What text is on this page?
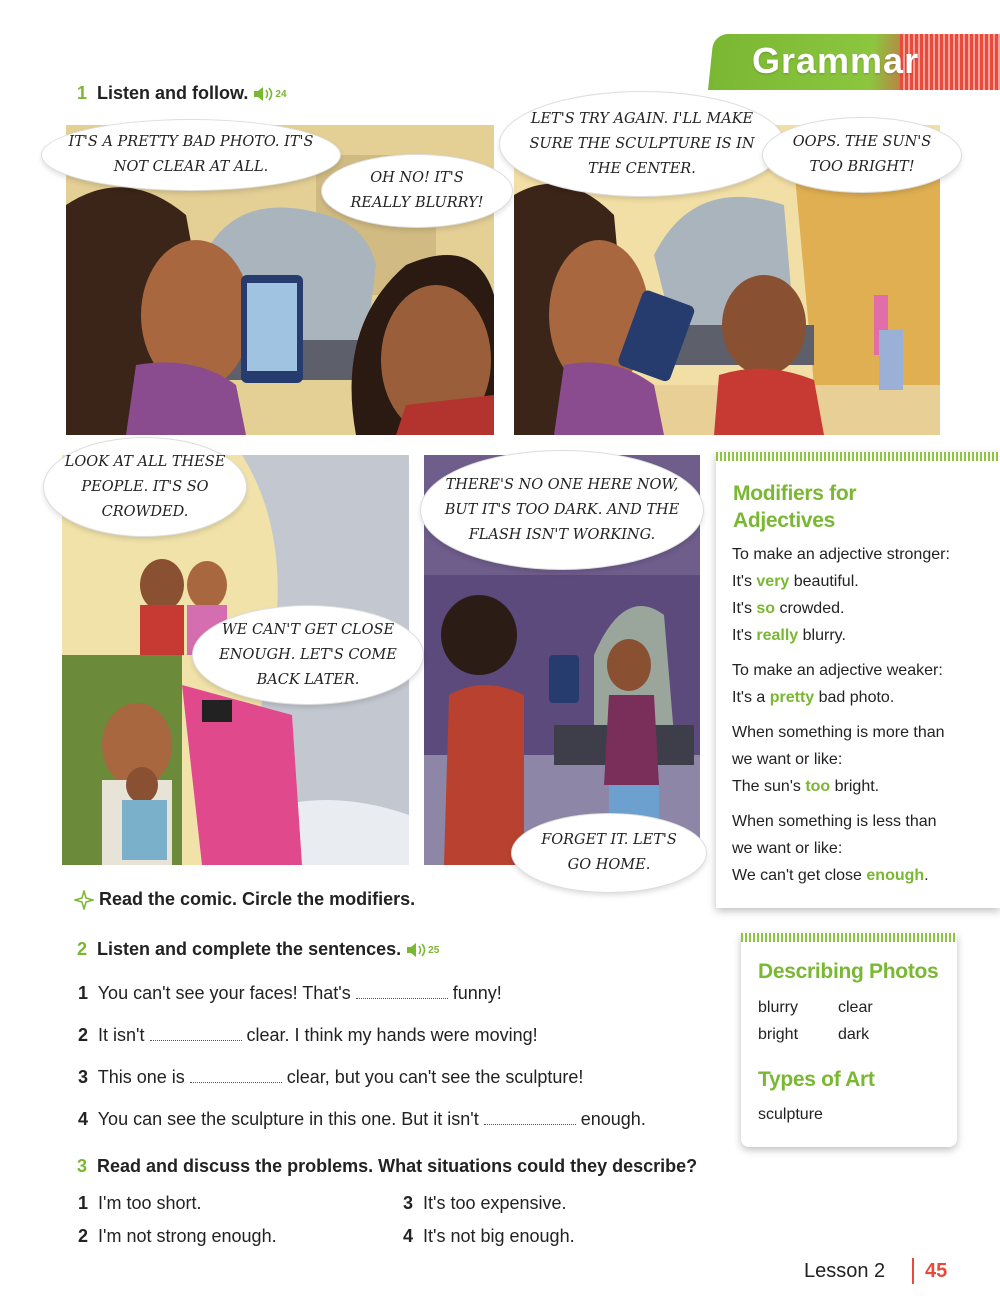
Grammar
1 Listen and follow.	24
IT'S A PRETTY BAD PHOTO. IT'S NOT CLEAR AT ALL.
OH NO! IT'S REALLY BLURRY!
LET'S TRY AGAIN. I'LL MAKE SURE THE SCULPTURE IS IN THE CENTER.
OOPS. THE SUN'S TOO BRIGHT!
LOOK AT ALL THESE PEOPLE. IT'S SO CROWDED.
WE CAN'T GET CLOSE ENOUGH. LET'S COME BACK LATER.
THERE'S NO ONE HERE NOW, BUT IT'S TOO DARK. AND THE FLASH ISN'T WORKING.
FORGET IT. LET'S GO HOME.
Modifiers for
Adjectives
To make an adjective stronger:
It's very beautiful.
It's so crowded.
It's really blurry.
To make an adjective weaker:
It's a pretty bad photo.
When something is more than
we want or like:
The sun's too bright.
When something is less than
we want or like:
We can't get close enough.
Read the comic. Circle the modifiers.
2 Listen and complete the sentences.	25
1 You can't see your faces! That's	funny!
2 It isn't	clear. I think my hands were moving!
3 This one is	clear, but you can't see the sculpture!
4 You can see the sculpture in this one. But it isn't	enough.
Describing Photos
blurry clear
bright dark
Types of Art
sculpture
3 Read and discuss the problems. What situations could they describe?
1 I'm too short.
2 I'm not strong enough.
3 It's too expensive.
4 It's not big enough.
Lesson 2 45
